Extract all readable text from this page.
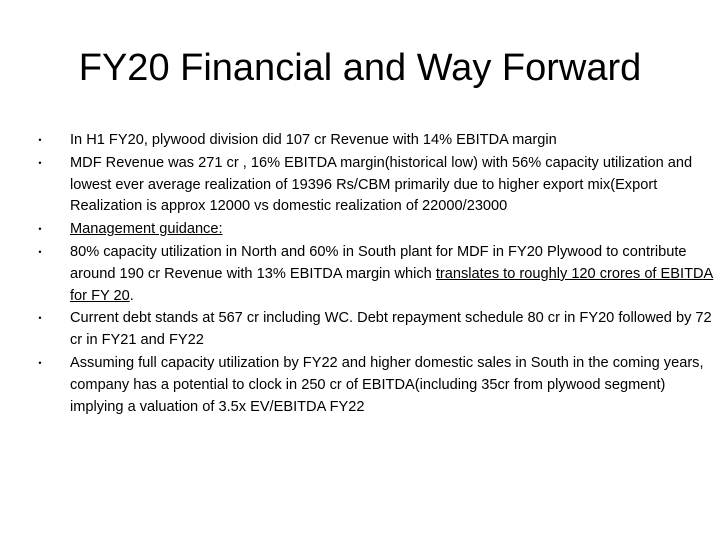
FY20 Financial and Way Forward
• In H1 FY20, plywood division did 107 cr Revenue with 14% EBITDA margin
• MDF Revenue was 271 cr , 16% EBITDA margin(historical low) with 56% capacity utilization and lowest ever average realization of 19396 Rs/CBM primarily due to higher export mix(Export Realization is approx 12000 vs domestic realization of 22000/23000
• Management guidance:
• 80% capacity utilization in North and 60% in South plant for MDF in FY20 Plywood to contribute around 190 cr Revenue with 13% EBITDA margin which translates to roughly 120 crores of EBITDA for FY 20.
• Current debt stands at 567 cr including WC. Debt repayment schedule 80 cr in FY20 followed by 72 cr in FY21 and FY22
• Assuming full capacity utilization by FY22 and higher domestic sales in South in the coming years, company has a potential to clock in 250 cr of EBITDA(including 35cr from plywood segment) implying a valuation of 3.5x EV/EBITDA FY22
